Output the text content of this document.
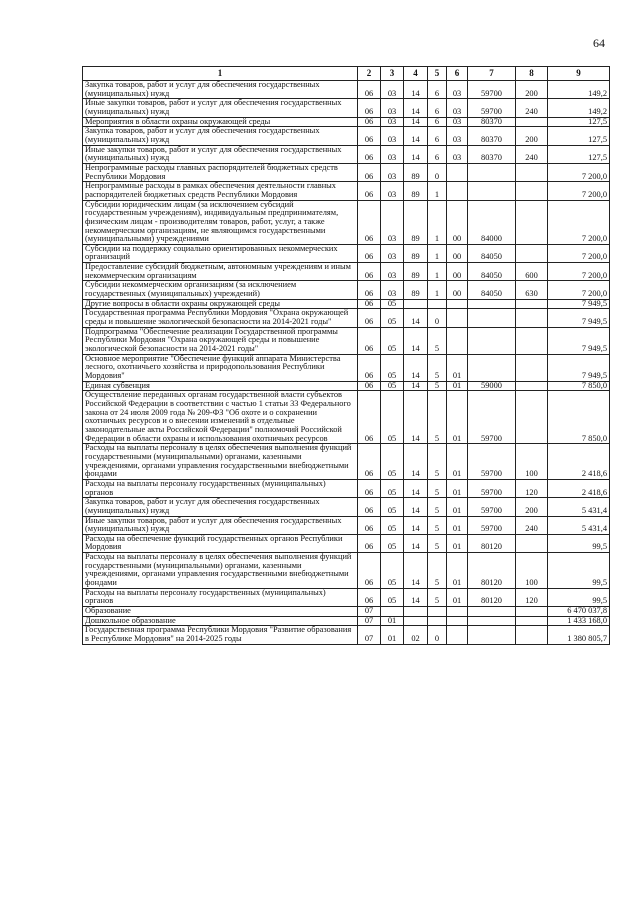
64
1	2	3	4	5	6	7	8	9
Закупка товаров, работ и услуг для обеспечения государственных (муниципальных) нужд	06	03	14	6	03	59700	200	149,2
Иные закупки товаров, работ и услуг для обеспечения государственных (муниципальных) нужд	06	03	14	6	03	59700	240	149,2
Мероприятия в области охраны окружающей среды	06	03	14	6	03	80370		127,5
Закупка товаров, работ и услуг для обеспечения государственных (муниципальных) нужд	06	03	14	6	03	80370	200	127,5
Иные закупки товаров, работ и услуг для обеспечения государственных (муниципальных) нужд	06	03	14	6	03	80370	240	127,5
Непрограммные расходы главных распорядителей бюджетных средств Республики Мордовия	06	03	89	0				7 200,0
Непрограммные расходы в рамках обеспечения деятельности главных распорядителей бюджетных средств Республики Мордовия	06	03	89	1				7 200,0
Субсидии юридическим лицам (за исключением субсидий государственным учреждениям), индивидуальным предпринимателям, физическим лицам - производителям товаров, работ, услуг, а также некоммерческим организациям, не являющимся государственными (муниципальными) учреждениями	06	03	89	1	00	84000		7 200,0
Субсидии на поддержку социально ориентированных некоммерческих организаций	06	03	89	1	00	84050		7 200,0
Предоставление субсидий бюджетным, автономным учреждениям и иным некоммерческим организациям	06	03	89	1	00	84050	600	7 200,0
Субсидии некоммерческим организациям (за исключением государственных (муниципальных) учреждений)	06	03	89	1	00	84050	630	7 200,0
Другие вопросы в области охраны окружающей среды	06	05						7 949,5
Государственная программа Республики Мордовия "Охрана окружающей среды и повышение экологической безопасности на 2014-2021 годы"	06	05	14	0				7 949,5
Подпрограмма "Обеспечение реализации Государственной программы Республики Мордовия "Охрана окружающей среды и повышение экологической безопасности на 2014-2021 годы"	06	05	14	5				7 949,5
Основное мероприятие "Обеспечение функций аппарата Министерства лесного, охотничьего хозяйства и природопользования Республики Мордовия"	06	05	14	5	01			7 949,5
Единая субвенция	06	05	14	5	01	59000		7 850,0
Осуществление переданных органам государственной власти субъектов Российской Федерации в соответствии с частью 1 статьи 33 Федерального закона от 24 июля 2009 года № 209-ФЗ "Об охоте и о сохранении охотничьих ресурсов и о внесении изменений в отдельные законодательные акты Российской Федерации" полномочий Российской Федерации в области охраны и использования охотничьих ресурсов	06	05	14	5	01	59700		7 850,0
Расходы на выплаты персоналу в целях обеспечения выполнения функций государственными (муниципальными) органами, казенными учреждениями, органами управления государственными внебюджетными фондами	06	05	14	5	01	59700	100	2 418,6
Расходы на выплаты персоналу государственных (муниципальных) органов	06	05	14	5	01	59700	120	2 418,6
Закупка товаров, работ и услуг для обеспечения государственных (муниципальных) нужд	06	05	14	5	01	59700	200	5 431,4
Иные закупки товаров, работ и услуг для обеспечения государственных (муниципальных) нужд	06	05	14	5	01	59700	240	5 431,4
Расходы на обеспечение функций государственных органов Республики Мордовия	06	05	14	5	01	80120		99,5
Расходы на выплаты персоналу в целях обеспечения выполнения функций государственными (муниципальными) органами, казенными учреждениями, органами управления государственными внебюджетными фондами	06	05	14	5	01	80120	100	99,5
Расходы на выплаты персоналу государственных (муниципальных) органов	06	05	14	5	01	80120	120	99,5
Образование	07							6 470 037,8
Дошкольное образование	07	01						1 433 168,0
Государственная программа Республики Мордовия "Развитие образования в Республике Мордовия" на 2014-2025 годы	07	01	02	0				1 380 805,7
